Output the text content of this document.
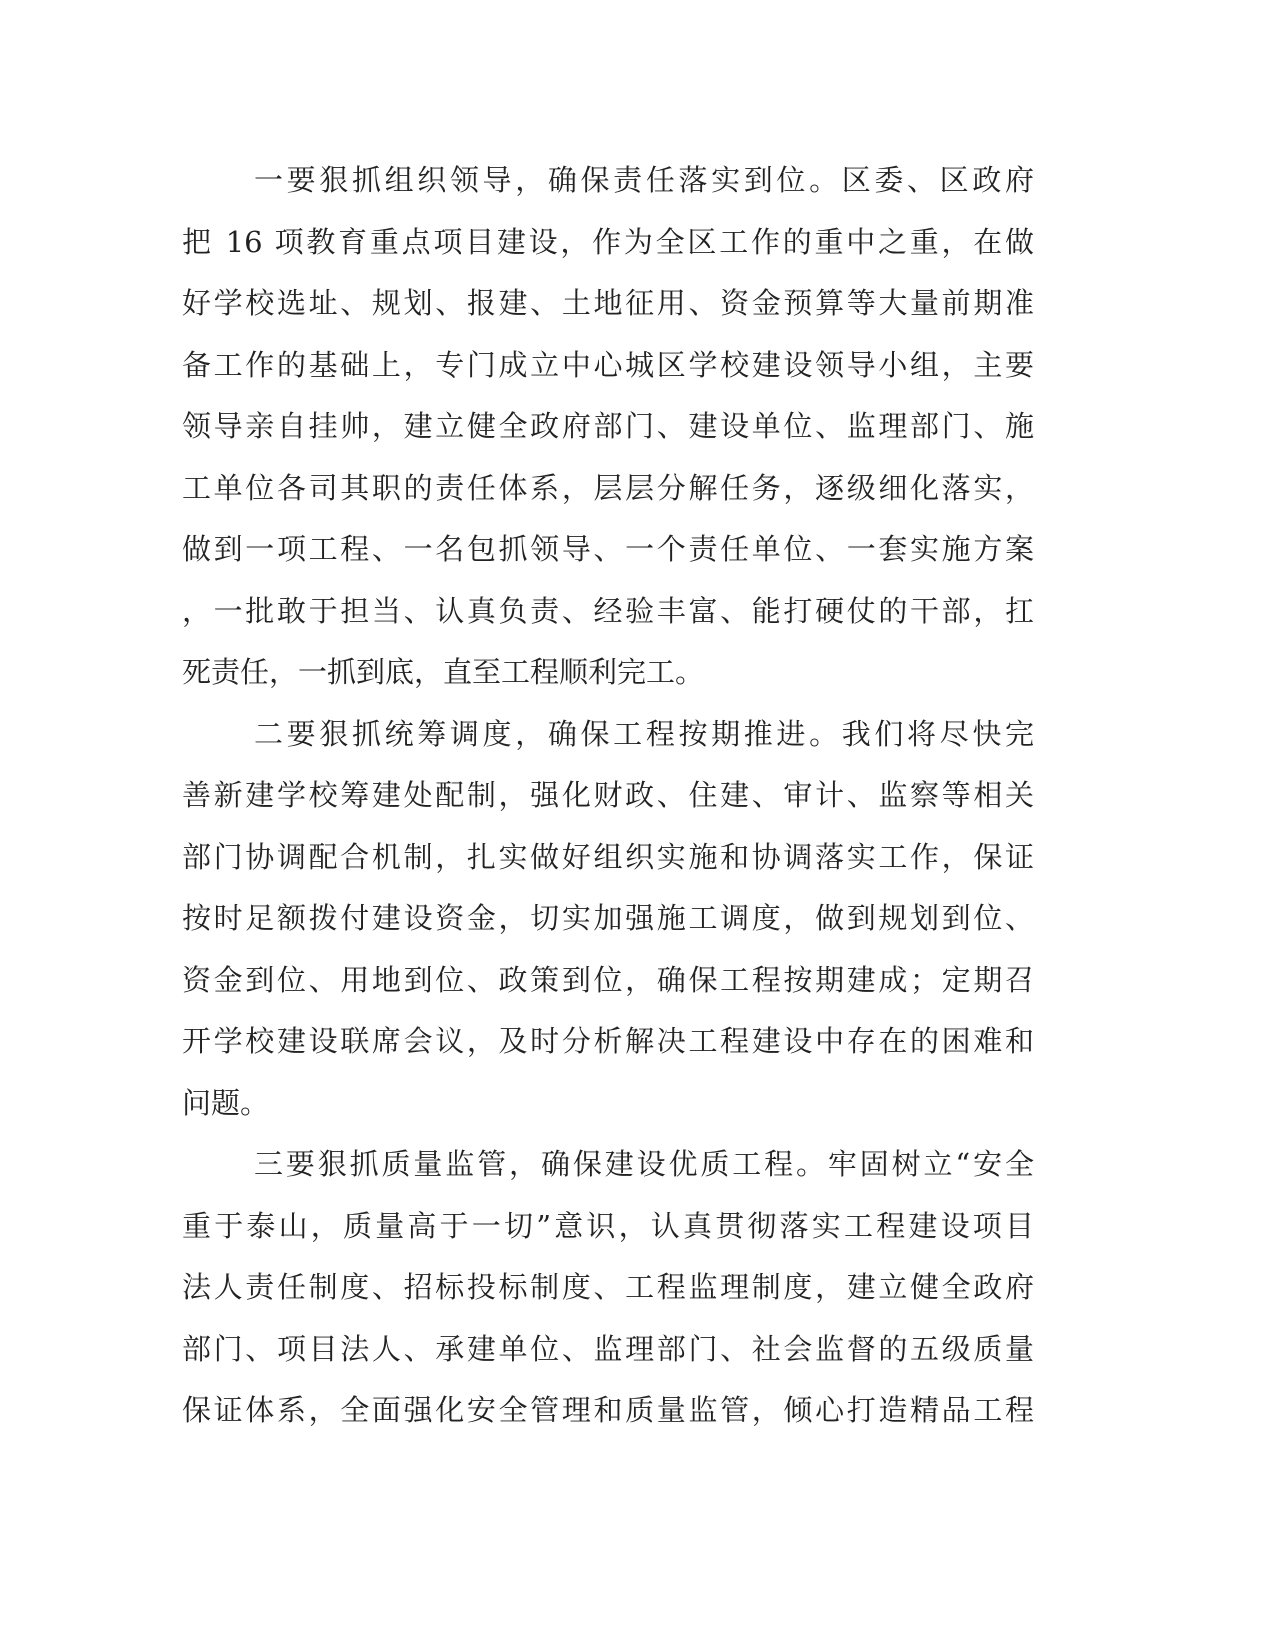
一要狠抓组织领导，确保责任落实到位。区委、区政府
把 16 项教育重点项目建设，作为全区工作的重中之重，在做
好学校选址、规划、报建、土地征用、资金预算等大量前期准
备工作的基础上，专门成立中心城区学校建设领导小组，主要
领导亲自挂帅，建立健全政府部门、建设单位、监理部门、施
工单位各司其职的责任体系，层层分解任务，逐级细化落实，
做到一项工程、一名包抓领导、一个责任单位、一套实施方案
，一批敢于担当、认真负责、经验丰富、能打硬仗的干部，扛
死责任，一抓到底，直至工程顺利完工。
二要狠抓统筹调度，确保工程按期推进。我们将尽快完
善新建学校筹建处配制，强化财政、住建、审计、监察等相关
部门协调配合机制，扎实做好组织实施和协调落实工作，保证
按时足额拨付建设资金，切实加强施工调度，做到规划到位、
资金到位、用地到位、政策到位，确保工程按期建成；定期召
开学校建设联席会议，及时分析解决工程建设中存在的困难和
问题。
三要狠抓质量监管，确保建设优质工程。牢固树立“安全
重于泰山，质量高于一切”意识，认真贯彻落实工程建设项目
法人责任制度、招标投标制度、工程监理制度，建立健全政府
部门、项目法人、承建单位、监理部门、社会监督的五级质量
保证体系，全面强化安全管理和质量监管，倾心打造精品工程
